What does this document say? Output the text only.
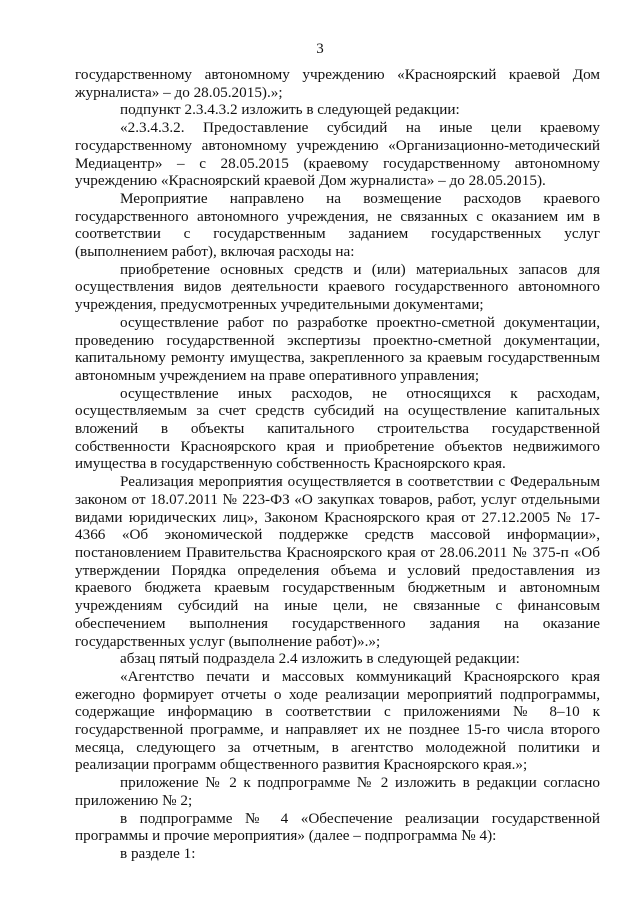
3

государственному автономному учреждению «Красноярский краевой Дом журналиста» – до 28.05.2015).»;

подпункт 2.3.4.3.2 изложить в следующей редакции:

«2.3.4.3.2. Предоставление субсидий на иные цели краевому государственному автономному учреждению «Организационно-методический Медиацентр» – с 28.05.2015 (краевому государственному автономному учреждению «Красноярский краевой Дом журналиста» – до 28.05.2015).

Мероприятие направлено на возмещение расходов краевого государственного автономного учреждения, не связанных с оказанием им в соответствии с государственным заданием государственных услуг (выполнением работ), включая расходы на:

приобретение основных средств и (или) материальных запасов для осуществления видов деятельности краевого государственного автономного учреждения, предусмотренных учредительными документами;

осуществление работ по разработке проектно-сметной документации, проведению государственной экспертизы проектно-сметной документации, капитальному ремонту имущества, закрепленного за краевым государственным автономным учреждением на праве оперативного управления;

осуществление иных расходов, не относящихся к расходам, осуществляемым за счет средств субсидий на осуществление капитальных вложений в объекты капитального строительства государственной собственности Красноярского края и приобретение объектов недвижимого имущества в государственную собственность Красноярского края.

Реализация мероприятия осуществляется в соответствии с Федеральным законом от 18.07.2011 № 223-ФЗ «О закупках товаров, работ, услуг отдельными видами юридических лиц», Законом Красноярского края от 27.12.2005 № 17-4366 «Об экономической поддержке средств массовой информации», постановлением Правительства Красноярского края от 28.06.2011 № 375-п «Об утверждении Порядка определения объема и условий предоставления из краевого бюджета краевым государственным бюджетным и автономным учреждениям субсидий на иные цели, не связанные с финансовым обеспечением выполнения государственного задания на оказание государственных услуг (выполнение работ)».»;

абзац пятый подраздела 2.4 изложить в следующей редакции:

«Агентство печати и массовых коммуникаций Красноярского края ежегодно формирует отчеты о ходе реализации мероприятий подпрограммы, содержащие информацию в соответствии с приложениями № 8–10 к государственной программе, и направляет их не позднее 15-го числа второго месяца, следующего за отчетным, в агентство молодежной политики и реализации программ общественного развития Красноярского края.»;

приложение № 2 к подпрограмме № 2 изложить в редакции согласно приложению № 2;

в подпрограмме № 4 «Обеспечение реализации государственной программы и прочие мероприятия» (далее – подпрограмма № 4):

в разделе 1:
